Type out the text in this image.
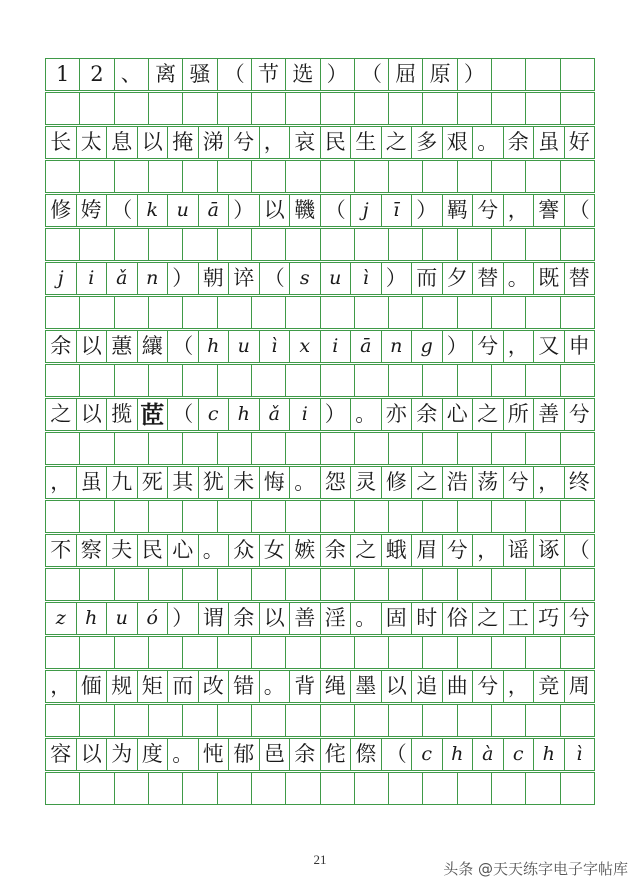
1 2 、 离 骚 （ 节 选 ） （ 屈 原 ）
长 太 息 以 掩 涕 兮 ， 哀 民 生 之 多 艰 。 余 虽 好
修 姱 （ k u ā ） 以 鞿 （ j	ī ） 羁 兮 ， 謇 （
j	i	ǎ n ） 朝 谇 （ s	u	ì ） 而 夕 替 。 既 替
余 以 蕙 纕 （ h u	ì	x	i	ā n g ） 兮 ， 又 申
之 以 揽 茝 （ c	h ǎ	i ） 。 亦 余 心 之 所 善 兮
， 虽 九 死 其 犹 未 悔 。 怨 灵 修 之 浩 荡 兮 ， 终
不 察 夫 民 心 。 众 女 嫉 余 之 蛾 眉 兮 ， 谣 诼 （
z	h u ó ） 谓 余 以 善 淫 。 固 时 俗 之 工 巧 兮
， 偭 规 矩 而 改 错 。 背 绳 墨 以 追 曲 兮 ， 竞 周
容 以 为 度 。 忳 郁 邑 余 侘 傺 （ c	h à	c	h	ì
21
头条 @天天练字电子字帖库
